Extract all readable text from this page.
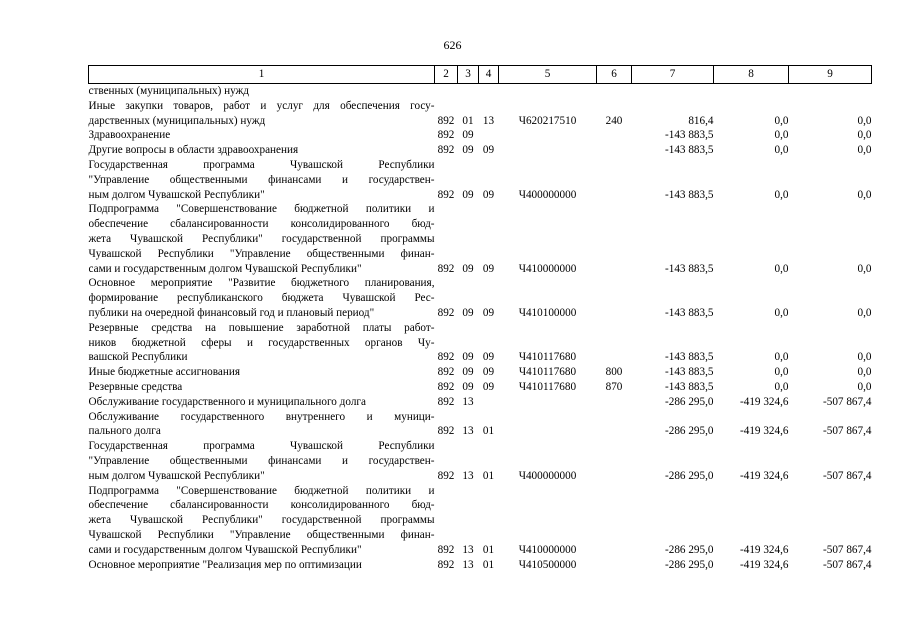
626
1	2	3	4	5	6	7	8	9

ственных (муниципальных) нужд								

Иные закупки товаров, работ и услуг для обеспечения госу-
дарственных (муниципальных) нужд	892	01	13	Ч620217510	240	816,4	0,0	0,0

Здравоохранение	892	09				-143 883,5	0,0	0,0

Другие вопросы в области здравоохранения	892	09	09			-143 883,5	0,0	0,0

Государственная программа Чувашской Республики
"Управление общественными финансами и государствен-
ным долгом Чувашской Республики"	892	09	09	Ч400000000		-143 883,5	0,0	0,0

Подпрограмма "Совершенствование бюджетной политики и
обеспечение сбалансированности консолидированного бюд-
жета Чувашской Республики" государственной программы
Чувашской Республики "Управление общественными финан-
сами и государственным долгом Чувашской Республики"	892	09	09	Ч410000000		-143 883,5	0,0	0,0

Основное мероприятие "Развитие бюджетного планирования,
формирование республиканского бюджета Чувашской Рес-
публики на очередной финансовый год и плановый период"	892	09	09	Ч410100000		-143 883,5	0,0	0,0

Резервные средства на повышение заработной платы работ-
ников бюджетной сферы и государственных органов Чу-
вашской Республики	892	09	09	Ч410117680		-143 883,5	0,0	0,0

Иные бюджетные ассигнования	892	09	09	Ч410117680	800	-143 883,5	0,0	0,0

Резервные средства	892	09	09	Ч410117680	870	-143 883,5	0,0	0,0

Обслуживание государственного и муниципального долга	892	13				-286 295,0	-419 324,6	-507 867,4

Обслуживание государственного внутреннего и муници-
пального долга	892	13	01			-286 295,0	-419 324,6	-507 867,4

Государственная программа Чувашской Республики
"Управление общественными финансами и государствен-
ным долгом Чувашской Республики"	892	13	01	Ч400000000		-286 295,0	-419 324,6	-507 867,4

Подпрограмма "Совершенствование бюджетной политики и
обеспечение сбалансированности консолидированного бюд-
жета Чувашской Республики" государственной программы
Чувашской Республики "Управление общественными финан-
сами и государственным долгом Чувашской Республики"	892	13	01	Ч410000000		-286 295,0	-419 324,6	-507 867,4

Основное мероприятие "Реализация мер по оптимизации	892	13	01	Ч410500000		-286 295,0	-419 324,6	-507 867,4
